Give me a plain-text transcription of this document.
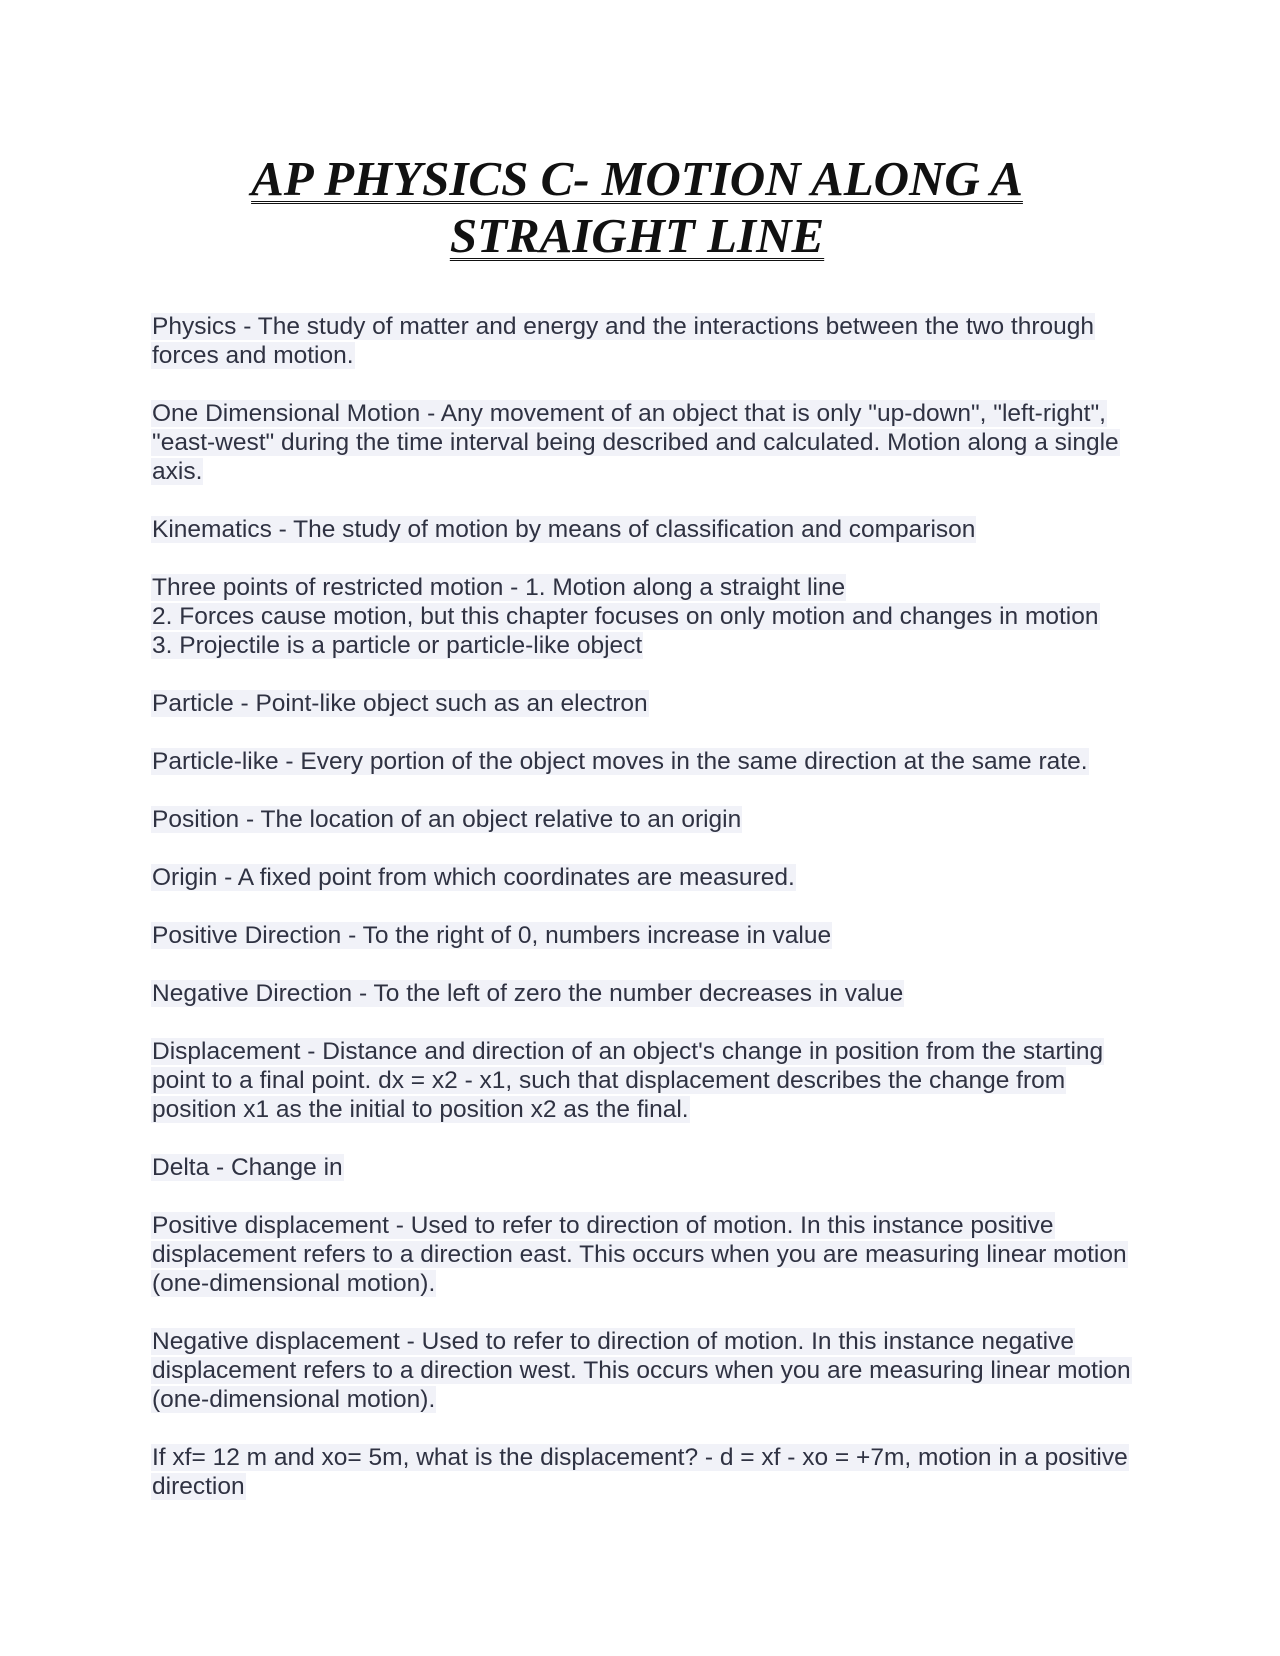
AP PHYSICS C- MOTION ALONG A
STRAIGHT LINE

Physics - The study of matter and energy and the interactions between the two through forces and motion.

One Dimensional Motion - Any movement of an object that is only "up-down", "left-right", "east-west" during the time interval being described and calculated. Motion along a single axis.

Kinematics - The study of motion by means of classification and comparison

Three points of restricted motion - 1. Motion along a straight line
2. Forces cause motion, but this chapter focuses on only motion and changes in motion
3. Projectile is a particle or particle-like object

Particle - Point-like object such as an electron

Particle-like - Every portion of the object moves in the same direction at the same rate.

Position - The location of an object relative to an origin

Origin - A fixed point from which coordinates are measured.

Positive Direction - To the right of 0, numbers increase in value

Negative Direction - To the left of zero the number decreases in value

Displacement - Distance and direction of an object's change in position from the starting point to a final point. dx = x2 - x1, such that displacement describes the change from position x1 as the initial to position x2 as the final.

Delta - Change in

Positive displacement - Used to refer to direction of motion. In this instance positive displacement refers to a direction east. This occurs when you are measuring linear motion (one-dimensional motion).

Negative displacement - Used to refer to direction of motion. In this instance negative displacement refers to a direction west. This occurs when you are measuring linear motion (one-dimensional motion).

If xf= 12 m and xo= 5m, what is the displacement? - d = xf - xo = +7m, motion in a positive direction
